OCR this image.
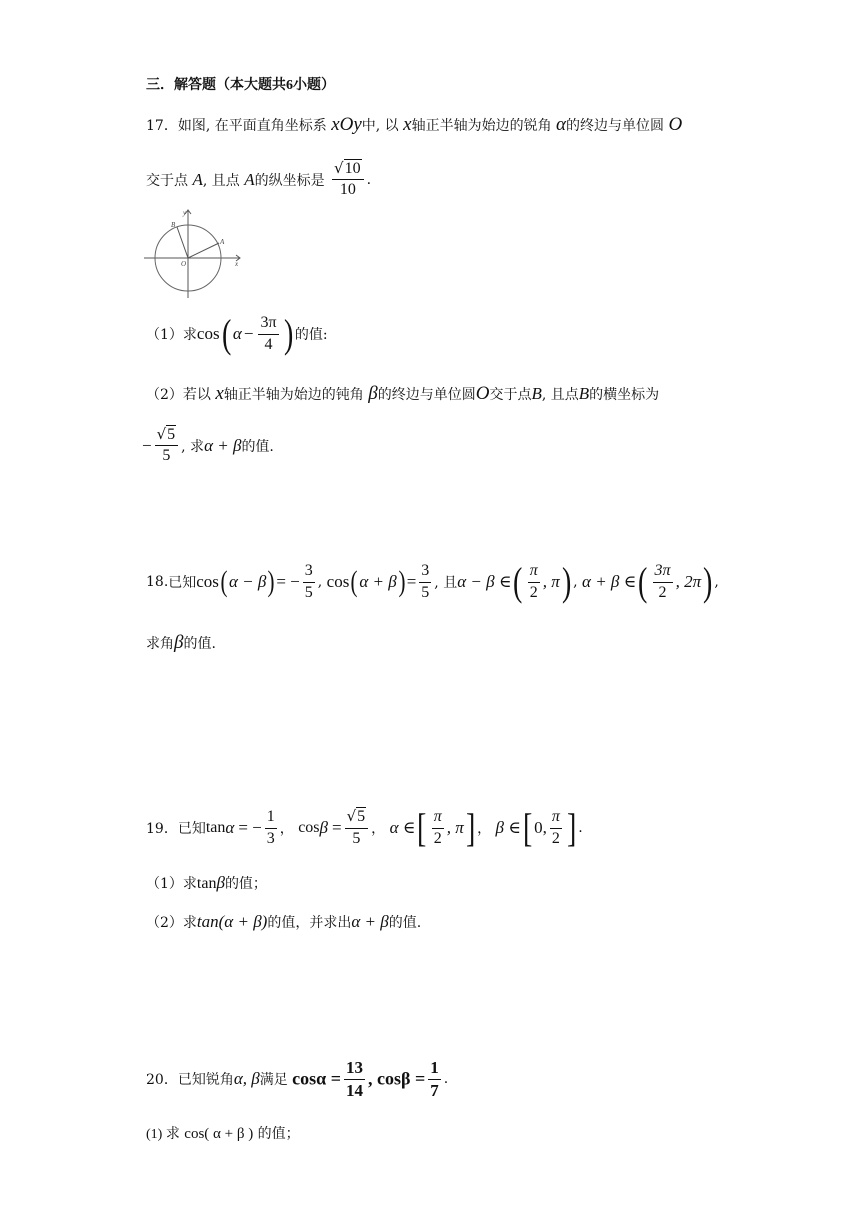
三．解答题（本大题共6小题）
17．如图, 在平面直角坐标系 xOy中, 以 x轴正半轴为始边的锐角 α的终边与单位圆 O
交于点 A, 且点 A的纵坐标是 $\frac{√10}{10}$ .
y
x
O
A
B
（1）求cos( $\alpha - \frac{3\pi}{4}$ ) 的值:
（2）若以 x轴正半轴为始边的钝角 β的终边与单位圆O交于点B, 且点B的横坐标为
− $\frac{√5}{5}$ , 求α + β的值.
18.已知$\cos(\alpha - \beta)= - \frac{3}{5}$ , $\cos(\alpha + \beta)= \frac{3}{5}$ , 且α − β ∈( $\frac{\pi}{2}$ , π) , α + β ∈( $\frac{3\pi}{2}$ , 2π) ,
求角β的值.
19．已知tanα = − $\frac{1}{3}$ ， $\cos\beta = \frac{√5}{5}$ ， α ∈[ $\frac{\pi}{2}$ , π] ， β ∈[ 0, $\frac{\pi}{2}$ ] .
（1）求tanβ的值；
（2）求tan(α + β)的值，并求出α + β的值.
20．已知锐角α, β满足 $\cos\alpha = \frac{13}{14}$ , $\cos\beta = \frac{1}{7}$ .
(1) 求 cos( α + β ) 的值；
